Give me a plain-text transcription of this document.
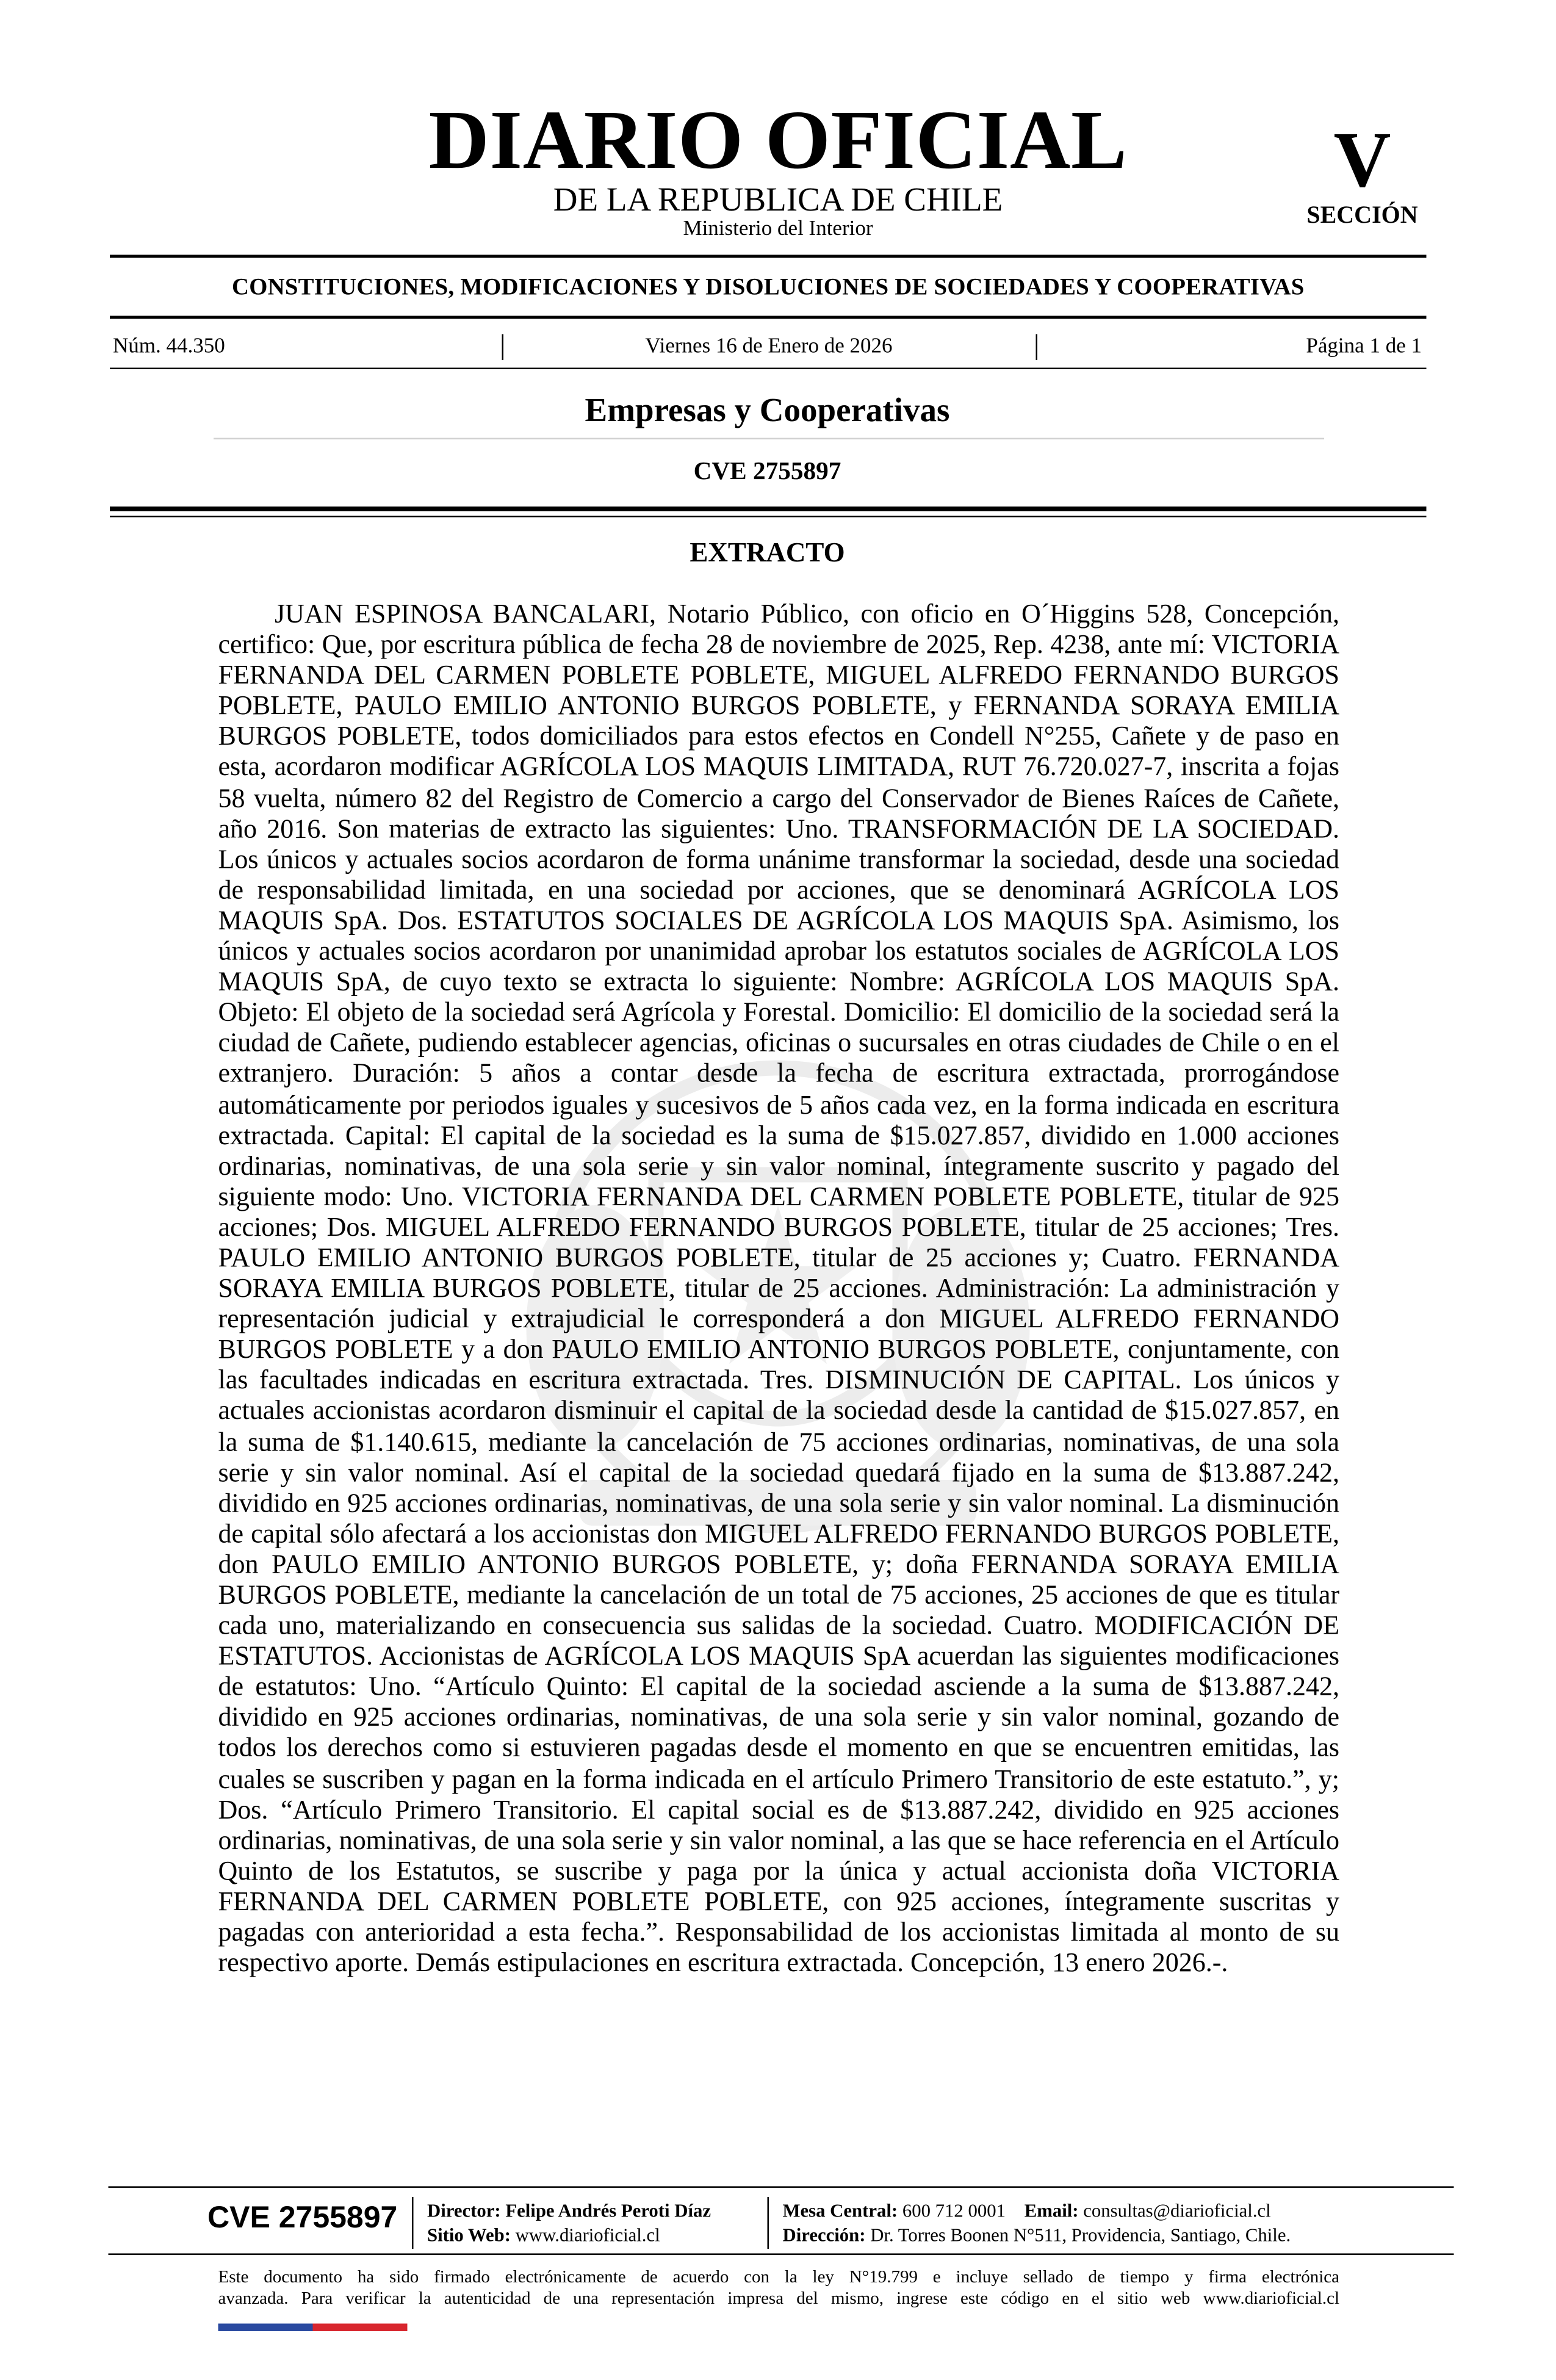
DIARIO OFICIAL
DE LA REPUBLICA DE CHILE
Ministerio del Interior
V
SECCIÓN
CONSTITUCIONES, MODIFICACIONES Y DISOLUCIONES DE SOCIEDADES Y COOPERATIVAS
Núm. 44.350	Viernes 16 de Enero de 2026	Página 1 de 1
Empresas y Cooperativas
CVE 2755897
EXTRACTO
JUAN ESPINOSA BANCALARI, Notario Público, con oficio en O´Higgins 528, Concepción, certifico: Que, por escritura pública de fecha 28 de noviembre de 2025, Rep. 4238, ante mí: VICTORIA FERNANDA DEL CARMEN POBLETE POBLETE, MIGUEL ALFREDO FERNANDO BURGOS POBLETE, PAULO EMILIO ANTONIO BURGOS POBLETE, y FERNANDA SORAYA EMILIA BURGOS POBLETE, todos domiciliados para estos efectos en Condell N°255, Cañete y de paso en esta, acordaron modificar AGRÍCOLA LOS MAQUIS LIMITADA, RUT 76.720.027-7, inscrita a fojas 58 vuelta, número 82 del Registro de Comercio a cargo del Conservador de Bienes Raíces de Cañete, año 2016. Son materias de extracto las siguientes: Uno. TRANSFORMACIÓN DE LA SOCIEDAD. Los únicos y actuales socios acordaron de forma unánime transformar la sociedad, desde una sociedad de responsabilidad limitada, en una sociedad por acciones, que se denominará AGRÍCOLA LOS MAQUIS SpA. Dos. ESTATUTOS SOCIALES DE AGRÍCOLA LOS MAQUIS SpA. Asimismo, los únicos y actuales socios acordaron por unanimidad aprobar los estatutos sociales de AGRÍCOLA LOS MAQUIS SpA, de cuyo texto se extracta lo siguiente: Nombre: AGRÍCOLA LOS MAQUIS SpA. Objeto: El objeto de la sociedad será Agrícola y Forestal. Domicilio: El domicilio de la sociedad será la ciudad de Cañete, pudiendo establecer agencias, oficinas o sucursales en otras ciudades de Chile o en el extranjero. Duración: 5 años a contar desde la fecha de escritura extractada, prorrogándose automáticamente por periodos iguales y sucesivos de 5 años cada vez, en la forma indicada en escritura extractada. Capital: El capital de la sociedad es la suma de $15.027.857, dividido en 1.000 acciones ordinarias, nominativas, de una sola serie y sin valor nominal, íntegramente suscrito y pagado del siguiente modo: Uno. VICTORIA FERNANDA DEL CARMEN POBLETE POBLETE, titular de 925 acciones; Dos. MIGUEL ALFREDO FERNANDO BURGOS POBLETE, titular de 25 acciones; Tres. PAULO EMILIO ANTONIO BURGOS POBLETE, titular de 25 acciones y; Cuatro. FERNANDA SORAYA EMILIA BURGOS POBLETE, titular de 25 acciones. Administración: La administración y representación judicial y extrajudicial le corresponderá a don MIGUEL ALFREDO FERNANDO BURGOS POBLETE y a don PAULO EMILIO ANTONIO BURGOS POBLETE, conjuntamente, con las facultades indicadas en escritura extractada. Tres. DISMINUCIÓN DE CAPITAL. Los únicos y actuales accionistas acordaron disminuir el capital de la sociedad desde la cantidad de $15.027.857, en la suma de $1.140.615, mediante la cancelación de 75 acciones ordinarias, nominativas, de una sola serie y sin valor nominal. Así el capital de la sociedad quedará fijado en la suma de $13.887.242, dividido en 925 acciones ordinarias, nominativas, de una sola serie y sin valor nominal. La disminución de capital sólo afectará a los accionistas don MIGUEL ALFREDO FERNANDO BURGOS POBLETE, don PAULO EMILIO ANTONIO BURGOS POBLETE, y; doña FERNANDA SORAYA EMILIA BURGOS POBLETE, mediante la cancelación de un total de 75 acciones, 25 acciones de que es titular cada uno, materializando en consecuencia sus salidas de la sociedad. Cuatro. MODIFICACIÓN DE ESTATUTOS. Accionistas de AGRÍCOLA LOS MAQUIS SpA acuerdan las siguientes modificaciones de estatutos: Uno. “Artículo Quinto: El capital de la sociedad asciende a la suma de $13.887.242, dividido en 925 acciones ordinarias, nominativas, de una sola serie y sin valor nominal, gozando de todos los derechos como si estuvieren pagadas desde el momento en que se encuentren emitidas, las cuales se suscriben y pagan en la forma indicada en el artículo Primero Transitorio de este estatuto.”, y; Dos. “Artículo Primero Transitorio. El capital social es de $13.887.242, dividido en 925 acciones ordinarias, nominativas, de una sola serie y sin valor nominal, a las que se hace referencia en el Artículo Quinto de los Estatutos, se suscribe y paga por la única y actual accionista doña VICTORIA FERNANDA DEL CARMEN POBLETE POBLETE, con 925 acciones, íntegramente suscritas y pagadas con anterioridad a esta fecha.”. Responsabilidad de los accionistas limitada al monto de su respectivo aporte. Demás estipulaciones en escritura extractada. Concepción, 13 enero 2026.-.
CVE 2755897	Director: Felipe Andrés Peroti Díaz
Sitio Web: www.diarioficial.cl
Mesa Central: 600 712 0001 Email: consultas@diarioficial.cl
Dirección: Dr. Torres Boonen N°511, Providencia, Santiago, Chile.
Este documento ha sido firmado electrónicamente de acuerdo con la ley N°19.799 e incluye sellado de tiempo y firma electrónica
avanzada. Para verificar la autenticidad de una representación impresa del mismo, ingrese este código en el sitio web www.diarioficial.cl
